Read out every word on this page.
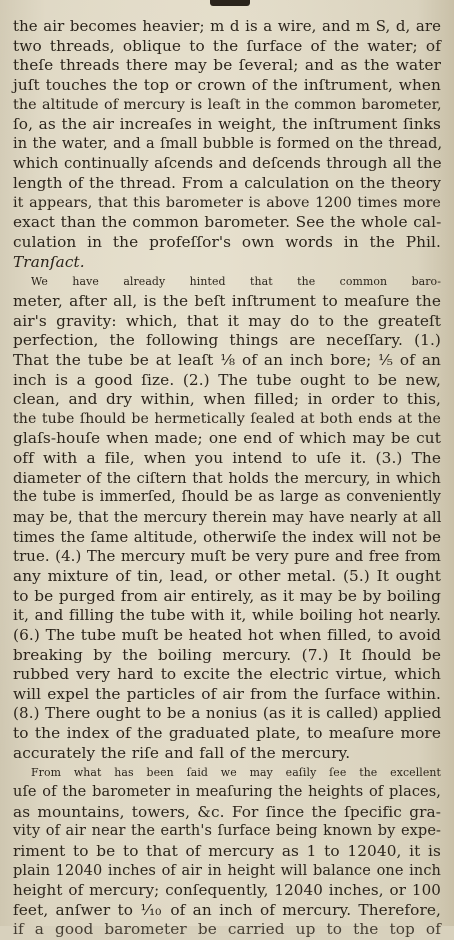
the air becomes heavier; m d is a wire, and m S, d, are
two threads, oblique to the ſurface of the water; of
theſe threads there may be ſeveral; and as the water
juſt touches the top or crown of the inſtrument, when
the altitude of mercury is leaſt in the common barometer,
ſo, as the air increaſes in weight, the inſtrument ſinks
in the water, and a ſmall bubble is formed on the thread,
which continually aſcends and deſcends through all the
length of the thread. From a calculation on the theory
it appears, that this barometer is above 1200 times more
exact than the common barometer. See the whole cal-
culation in the profeſſor's own words in the Phil.
Tranſact.
We have already hinted that the common baro-
meter, after all, is the beſt inſtrument to meaſure the
air's gravity: which, that it may do to the greateſt
perfection, the following things are neceſſary. (1.)
That the tube be at leaſt ⅛ of an inch bore; ⅕ of an
inch is a good ſize. (2.) The tube ought to be new,
clean, and dry within, when filled; in order to this,
the tube ſhould be hermetically ſealed at both ends at the
glaſs-houſe when made; one end of which may be cut
off with a file, when you intend to uſe it. (3.) The
diameter of the ciſtern that holds the mercury, in which
the tube is immerſed, ſhould be as large as conveniently
may be, that the mercury therein may have nearly at all
times the ſame altitude, otherwiſe the index will not be
true. (4.) The mercury muſt be very pure and free from
any mixture of tin, lead, or other metal. (5.) It ought
to be purged from air entirely, as it may be by boiling
it, and filling the tube with it, while boiling hot nearly.
(6.) The tube muſt be heated hot when filled, to avoid
breaking by the boiling mercury. (7.) It ſhould be
rubbed very hard to excite the electric virtue, which
will expel the particles of air from the ſurface within.
(8.) There ought to be a nonius (as it is called) applied
to the index of the graduated plate, to meaſure more
accurately the riſe and fall of the mercury.
From what has been ſaid we may eaſily ſee the excellent
uſe of the barometer in meaſuring the heights of places,
as mountains, towers, &c. For ſince the ſpecific gra-
vity of air near the earth's ſurface being known by expe-
riment to be to that of mercury as 1 to 12040, it is
plain 12040 inches of air in height will balance one inch
height of mercury; conſequently, 12040 inches, or 100
feet, anſwer to ⅒ of an inch of mercury. Therefore,
if a good barometer be carried up to the top of
